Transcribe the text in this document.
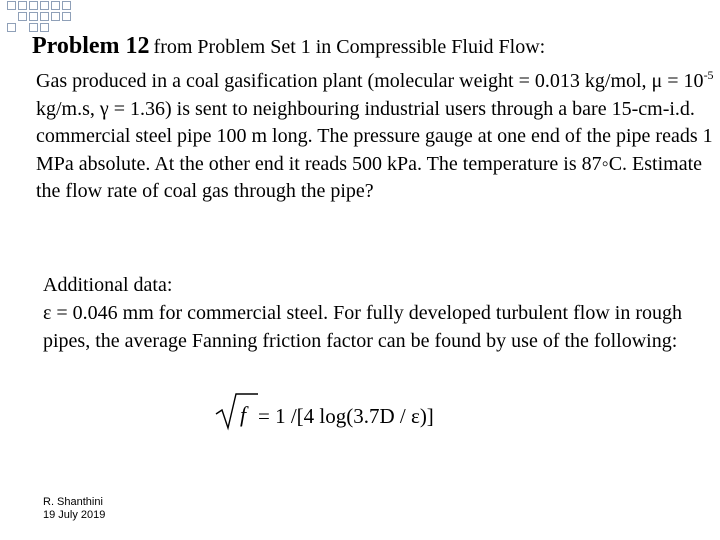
Problem 12 from Problem Set 1 in Compressible Fluid Flow:
Gas produced in a coal gasification plant (molecular weight = 0.013 kg/mol, $\mu = 10^{-5}$ kg/m.s, γ = 1.36) is sent to neighbouring industrial users through a bare 15-cm-i.d. commercial steel pipe 100 m long. The pressure gauge at one end of the pipe reads 1 MPa absolute. At the other end it reads 500 kPa. The temperature is 87◦C. Estimate the flow rate of coal gas through the pipe?
Additional data:
ε = 0.046 mm for commercial steel. For fully developed turbulent flow in rough pipes, the average Fanning friction factor can be found by use of the following:
f = 1 /[4 log(3.7D / ε)]
R. Shanthini
19 July 2019
